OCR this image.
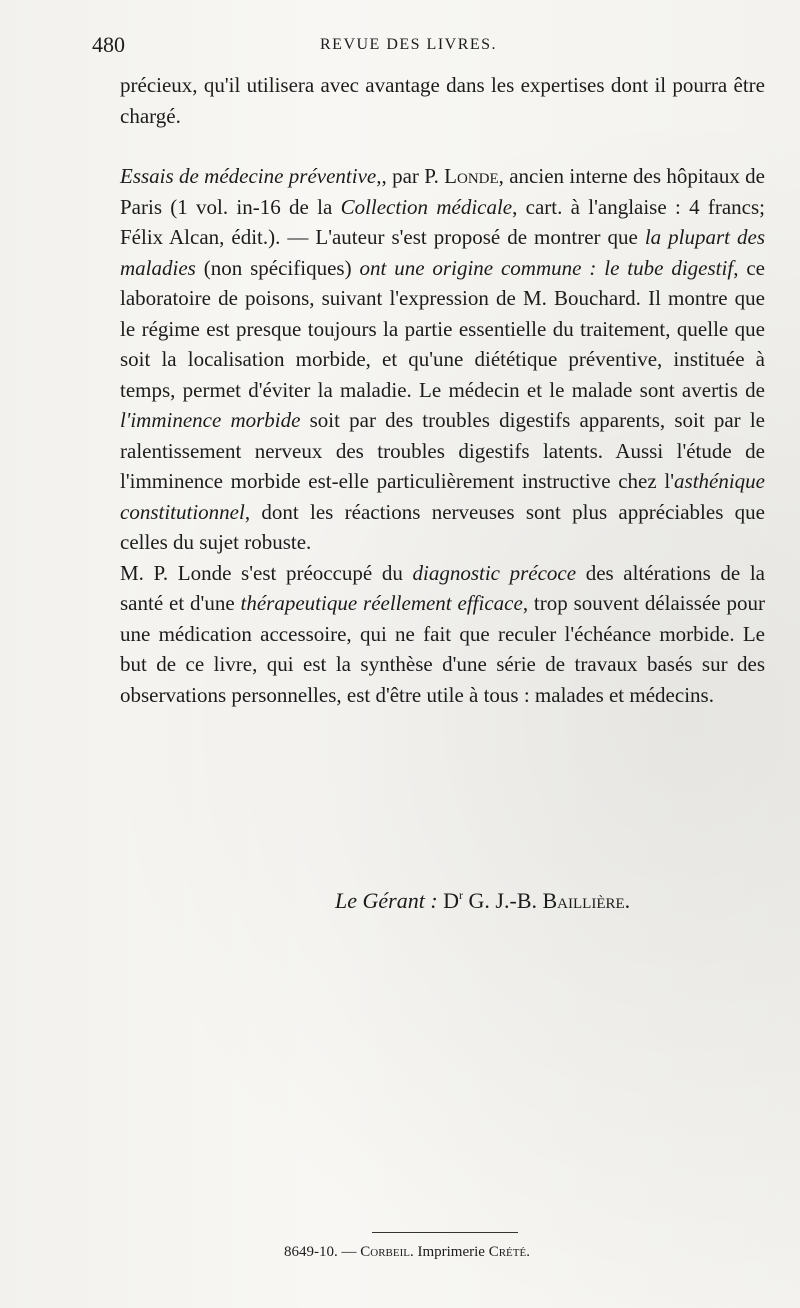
480	REVUE DES LIVRES.

précieux, qu'il utilisera avec avantage dans les expertises dont il pourra être chargé.

Essais de médecine préventive,, par P. Londe, ancien interne des hôpitaux de Paris (1 vol. in-16 de la Collection médicale, cart. à l'anglaise : 4 francs; Félix Alcan, édit.). — L'auteur s'est proposé de montrer que la plupart des maladies (non spécifiques) ont une origine commune : le tube digestif, ce laboratoire de poisons, suivant l'expression de M. Bouchard. Il montre que le régime est presque toujours la partie essentielle du traitement, quelle que soit la localisation morbide, et qu'une diététique préventive, instituée à temps, permet d'éviter la maladie. Le médecin et le malade sont avertis de l'imminence morbide soit par des troubles digestifs apparents, soit par le ralentissement nerveux des troubles digestifs latents. Aussi l'étude de l'imminence morbide est-elle particulièrement instructive chez l'asthénique constitutionnel, dont les réactions nerveuses sont plus appréciables que celles du sujet robuste.

M. P. Londe s'est préoccupé du diagnostic précoce des altérations de la santé et d'une thérapeutique réellement efficace, trop souvent délaissée pour une médication accessoire, qui ne fait que reculer l'échéance morbide. Le but de ce livre, qui est la synthèse d'une série de travaux basés sur des observations personnelles, est d'être utile à tous : malades et médecins.

Le Gérant : $D^r$ G. J.-B. Baillière.
8649-10. — Corbeil. Imprimerie Crété.
